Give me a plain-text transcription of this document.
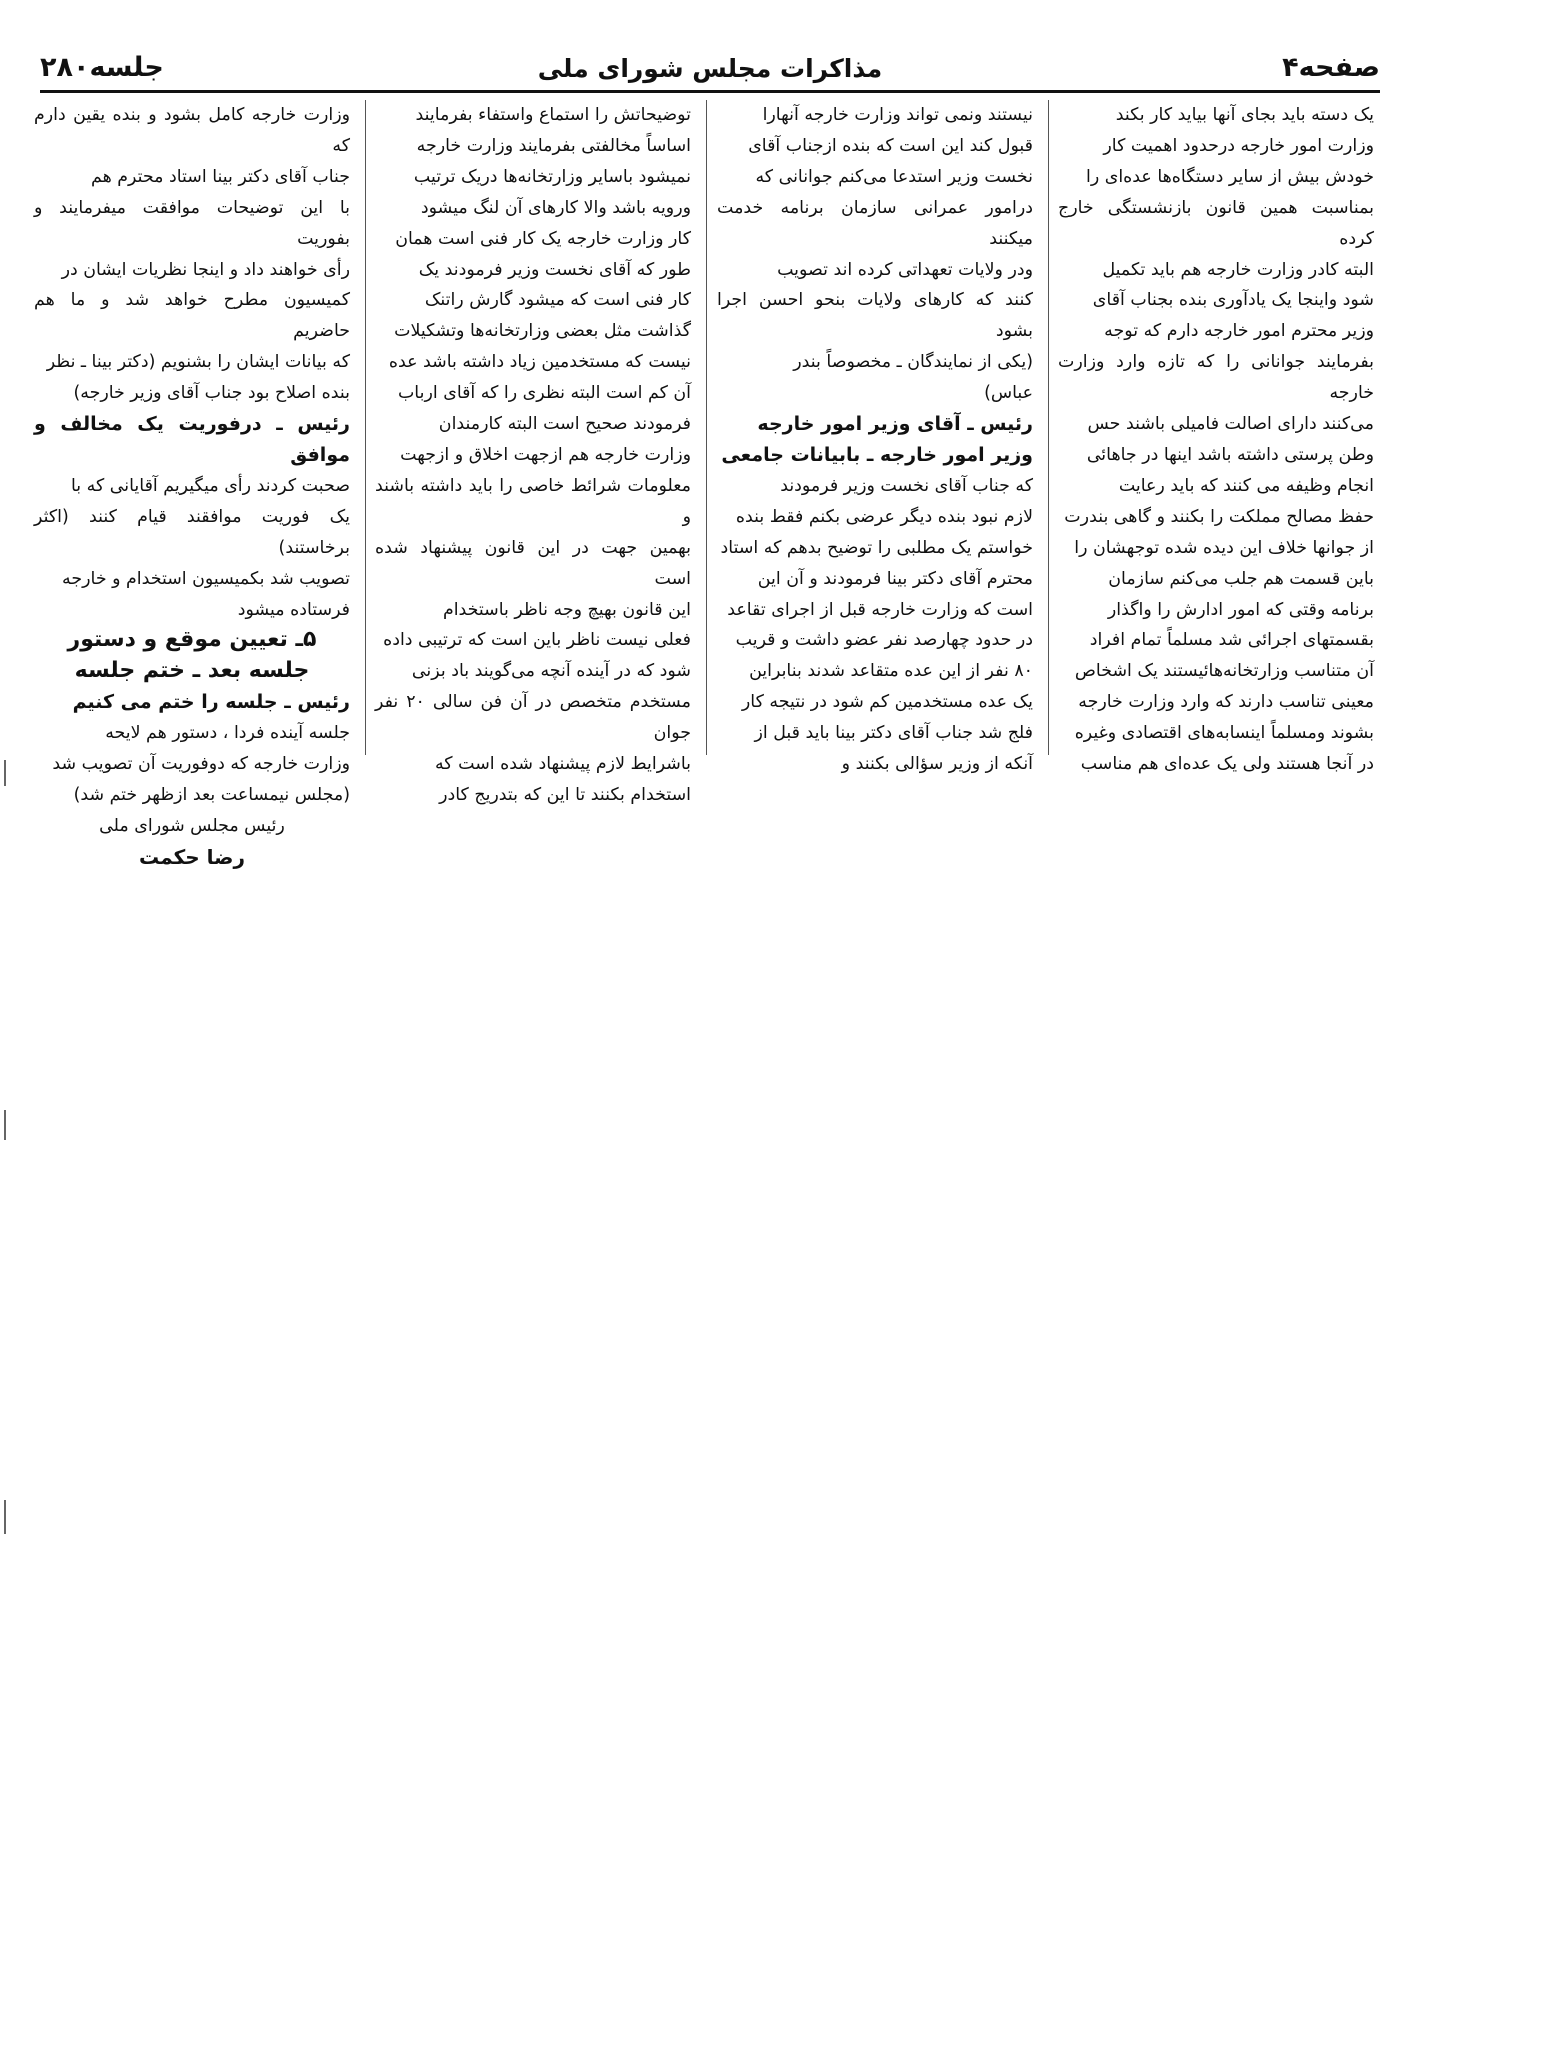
صفحه۴
مذاکرات مجلس شورای ملی
جلسه۲۸۰

یک دسته باید بجای آنها بیاید کار بکند

وزارت امور خارجه درحدود اهمیت کار

خودش بیش از سایر دستگاه‌ها عده‌ای را

بمناسبت همین قانون بازنشستگی خارج کرده

البته کادر وزارت خارجه هم باید تکمیل

شود واینجا یک یادآوری بنده بجناب آقای

وزیر محترم امور خارجه دارم که توجه

بفرمایند جوانانی را که تازه وارد وزارت خارجه

می‌کنند دارای اصالت فامیلی باشند حس

وطن پرستی داشته باشد اینها در جاهائی

انجام وظیفه می کنند که باید رعایت

حفظ مصالح مملکت را بکنند و گاهی بندرت

از جوانها خلاف این دیده شده توجهشان را

باین قسمت هم جلب می‌کنم سازمان

برنامه وقتی که امور ادارش را واگذار

بقسمتهای اجرائی شد مسلماً تمام افراد

آن متناسب وزارتخانه‌هائیستند یک اشخاص

معینی تناسب دارند که وارد وزارت خارجه

بشوند ومسلماً اینسابه‌های اقتصادی وغیره

در آنجا هستند ولی یک عده‌ای هم مناسب

نیستند ونمی تواند وزارت خارجه آنهارا

قبول کند این است که بنده ازجناب آقای

نخست وزیر استدعا می‌کنم جوانانی که

درامور عمرانی سازمان برنامه خدمت میکنند

ودر ولایات تعهداتی کرده اند تصویب

کنند که کارهای ولایات بنحو احسن اجرا بشود

(یکی از نمایندگان ـ مخصوصاً بندر

عباس)

رئیس ـ آقای وزیر امور خارجه

وزیر امور خارجه ـ بابیانات جامعی

که جناب آقای نخست وزیر فرمودند

لازم نبود بنده دیگر عرضی بکنم فقط بنده

خواستم یک مطلبی را توضیح بدهم که استاد

محترم آقای دکتر بینا فرمودند و آن این

است که وزارت خارجه قبل از اجرای تقاعد

در حدود چهارصد نفر عضو داشت و قریب

۸۰ نفر از این عده متقاعد شدند بنابراین

یک عده مستخدمین کم شود در نتیجه کار

فلج شد جناب آقای دکتر بینا باید قبل از

آنکه از وزیر سؤالی بکنند و

توضیحاتش را استماع واستفاء بفرمایند

اساساً مخالفتی بفرمایند وزارت خارجه

نمیشود باسایر وزارتخانه‌ها دریک ترتیب

ورویه باشد والا کارهای آن لنگ میشود

کار وزارت خارجه یک کار فنی است همان

طور که آقای نخست وزیر فرمودند یک

کار فنی است که میشود گارش راتنک

گذاشت مثل بعضی وزارتخانه‌ها وتشکیلات

نیست که مستخدمین زیاد داشته باشد عده

آن کم است البته نظری را که آقای ارباب

فرمودند صحیح است البته کارمندان

وزارت خارجه هم ازجهت اخلاق و ازجهت

معلومات شرائط خاصی را باید داشته باشند و

بهمین جهت در این قانون پیشنهاد شده است

این قانون بهیچ وجه ناظر باستخدام

فعلی نیست ناظر باین است که ترتیبی داده

شود که در آینده آنچه می‌گویند باد بزنی

مستخدم متخصص در آن فن سالی ۲۰ نفر جوان

باشرایط لازم پیشنهاد شده است که

استخدام بکنند تا این که بتدریج کادر

وزارت خارجه کامل بشود و بنده یقین دارم که

جناب آقای دکتر بینا استاد محترم هم

با این توضیحات موافقت میفرمایند و بفوریت

رأی خواهند داد و اینجا نظریات ایشان در

کمیسیون مطرح خواهد شد و ما هم حاضریم

که بیانات ایشان را بشنویم (دکتر بینا ـ نظر

بنده اصلاح بود جناب آقای وزیر خارجه)

رئیس ـ درفوریت یک مخالف و موافق

صحبت کردند رأی میگیریم آقایانی که با

یک فوریت موافقند قیام کنند (اکثر برخاستند)

تصویب شد بکمیسیون استخدام و خارجه

فرستاده میشود

۵ـ تعیین موقع و دستور

جلسه بعد ـ ختم جلسه

رئیس ـ جلسه را ختم می کنیم

جلسه آینده فردا ، دستور هم لایحه

وزارت خارجه که دوفوریت آن تصویب شد

(مجلس نیمساعت بعد ازظهر ختم شد)

رئیس مجلس شورای ملی

رضا حکمت
